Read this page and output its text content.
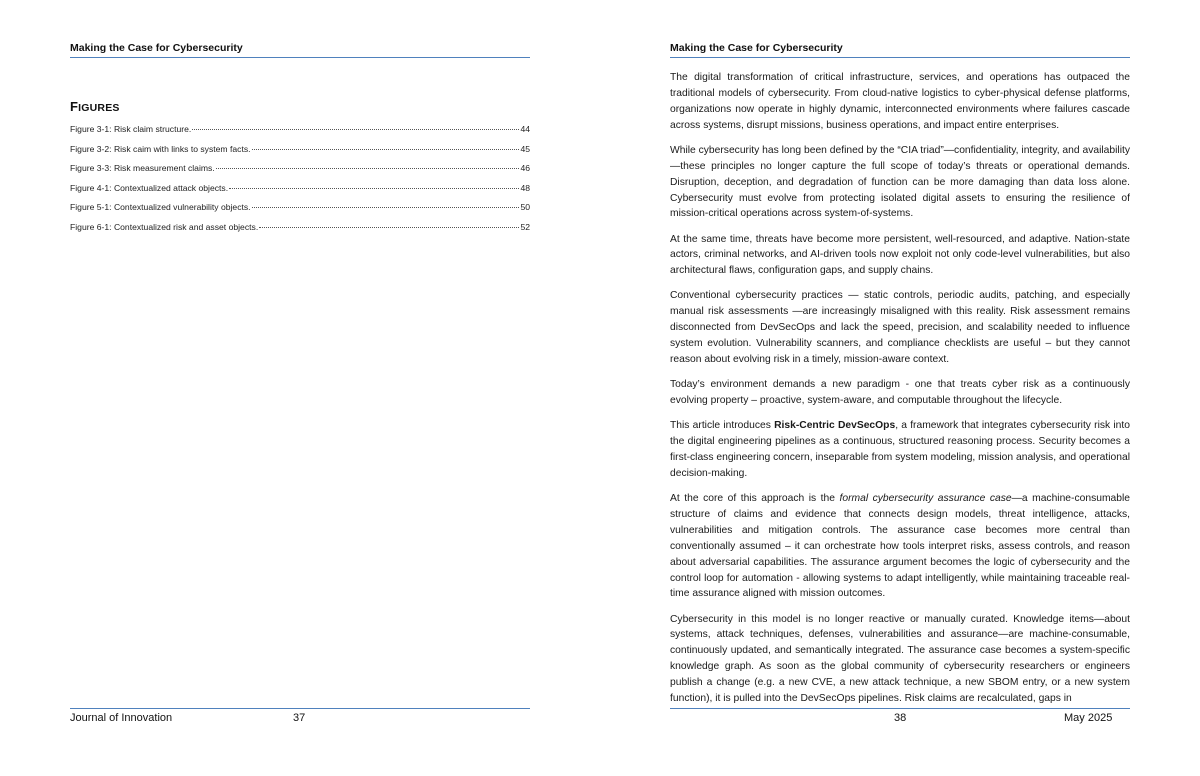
Making the Case for Cybersecurity
FIGURES
Figure 3-1: Risk claim structure.	44
Figure 3-2: Risk caim with links to system facts.	45
Figure 3-3: Risk measurement claims.	46
Figure 4-1: Contextualized attack objects.	48
Figure 5-1: Contextualized vulnerability objects.	50
Figure 6-1: Contextualized risk and asset objects.	52
Journal of Innovation	37
Making the Case for Cybersecurity

The digital transformation of critical infrastructure, services, and operations has outpaced the traditional models of cybersecurity. From cloud-native logistics to cyber-physical defense platforms, organizations now operate in highly dynamic, interconnected environments where failures cascade across systems, disrupt missions, business operations, and impact entire enterprises.

While cybersecurity has long been defined by the “CIA triad”—confidentiality, integrity, and availability—these principles no longer capture the full scope of today’s threats or operational demands. Disruption, deception, and degradation of function can be more damaging than data loss alone. Cybersecurity must evolve from protecting isolated digital assets to ensuring the resilience of mission-critical operations across system-of-systems.

At the same time, threats have become more persistent, well-resourced, and adaptive. Nation-state actors, criminal networks, and AI-driven tools now exploit not only code-level vulnerabilities, but also architectural flaws, configuration gaps, and supply chains.

Conventional cybersecurity practices — static controls, periodic audits, patching, and especially manual risk assessments —are increasingly misaligned with this reality. Risk assessment remains disconnected from DevSecOps and lack the speed, precision, and scalability needed to influence system evolution. Vulnerability scanners, and compliance checklists are useful – but they cannot reason about evolving risk in a timely, mission-aware context.

Today’s environment demands a new paradigm - one that treats cyber risk as a continuously evolving property – proactive, system-aware, and computable throughout the lifecycle.

This article introduces Risk-Centric DevSecOps, a framework that integrates cybersecurity risk into the digital engineering pipelines as a continuous, structured reasoning process. Security becomes a first-class engineering concern, inseparable from system modeling, mission analysis, and operational decision-making.

At the core of this approach is the formal cybersecurity assurance case—a machine-consumable structure of claims and evidence that connects design models, threat intelligence, attacks, vulnerabilities and mitigation controls. The assurance case becomes more central than conventionally assumed – it can orchestrate how tools interpret risks, assess controls, and reason about adversarial capabilities. The assurance argument becomes the logic of cybersecurity and the control loop for automation - allowing systems to adapt intelligently, while maintaining traceable real-time assurance aligned with mission outcomes.

Cybersecurity in this model is no longer reactive or manually curated. Knowledge items—about systems, attack techniques, defenses, vulnerabilities and assurance—are machine-consumable, continuously updated, and semantically integrated. The assurance case becomes a system-specific knowledge graph. As soon as the global community of cybersecurity researchers or engineers publish a change (e.g. a new CVE, a new attack technique, a new SBOM entry, or a new system function), it is pulled into the DevSecOps pipelines. Risk claims are recalculated, gaps in

38	May 2025
